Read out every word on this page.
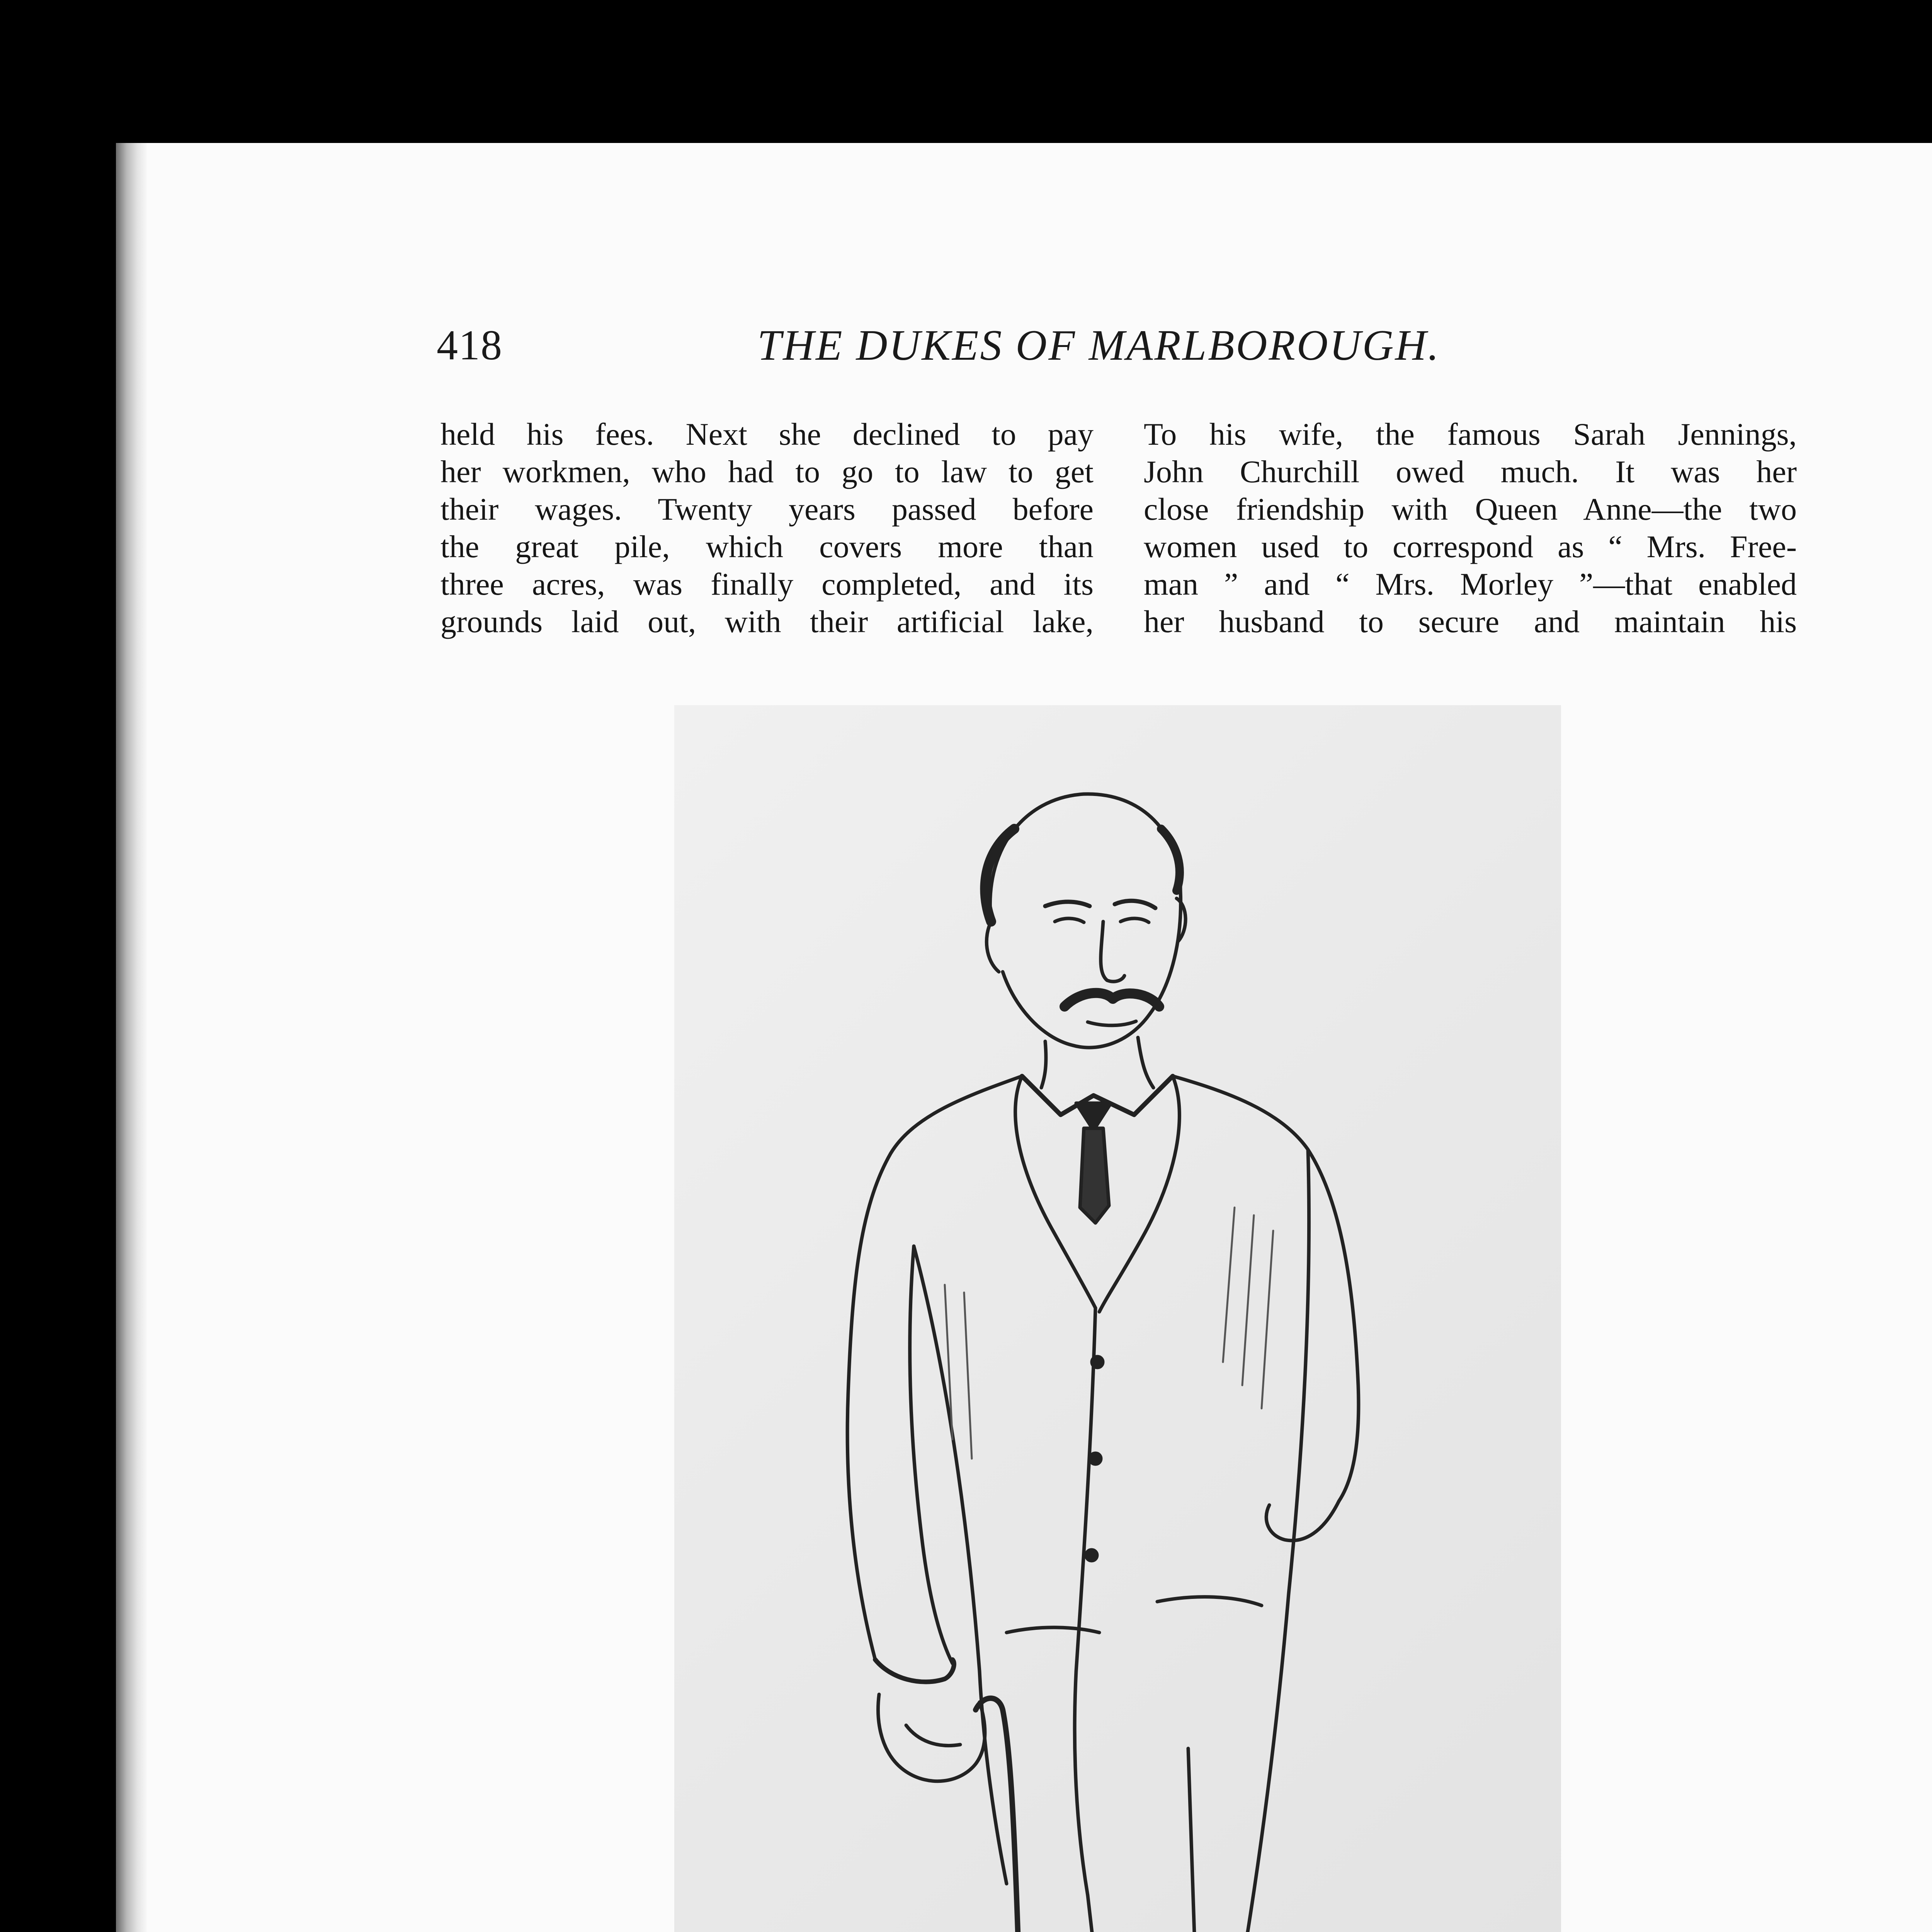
418	THE DUKES OF MARLBOROUGH.
held his fees. Next she declined to pay
her workmen, who had to go to law to get
their wages. Twenty years passed before
the great pile, which covers more than
three acres, was finally completed, and its
grounds laid out, with their artificial lake,
To his wife, the famous Sarah Jennings,
John Churchill owed much. It was her
close friendship with Queen Anne—the two
women used to correspond as “ Mrs. Free-
man ” and “ Mrs. Morley ”—that enabled
her husband to secure and maintain his
